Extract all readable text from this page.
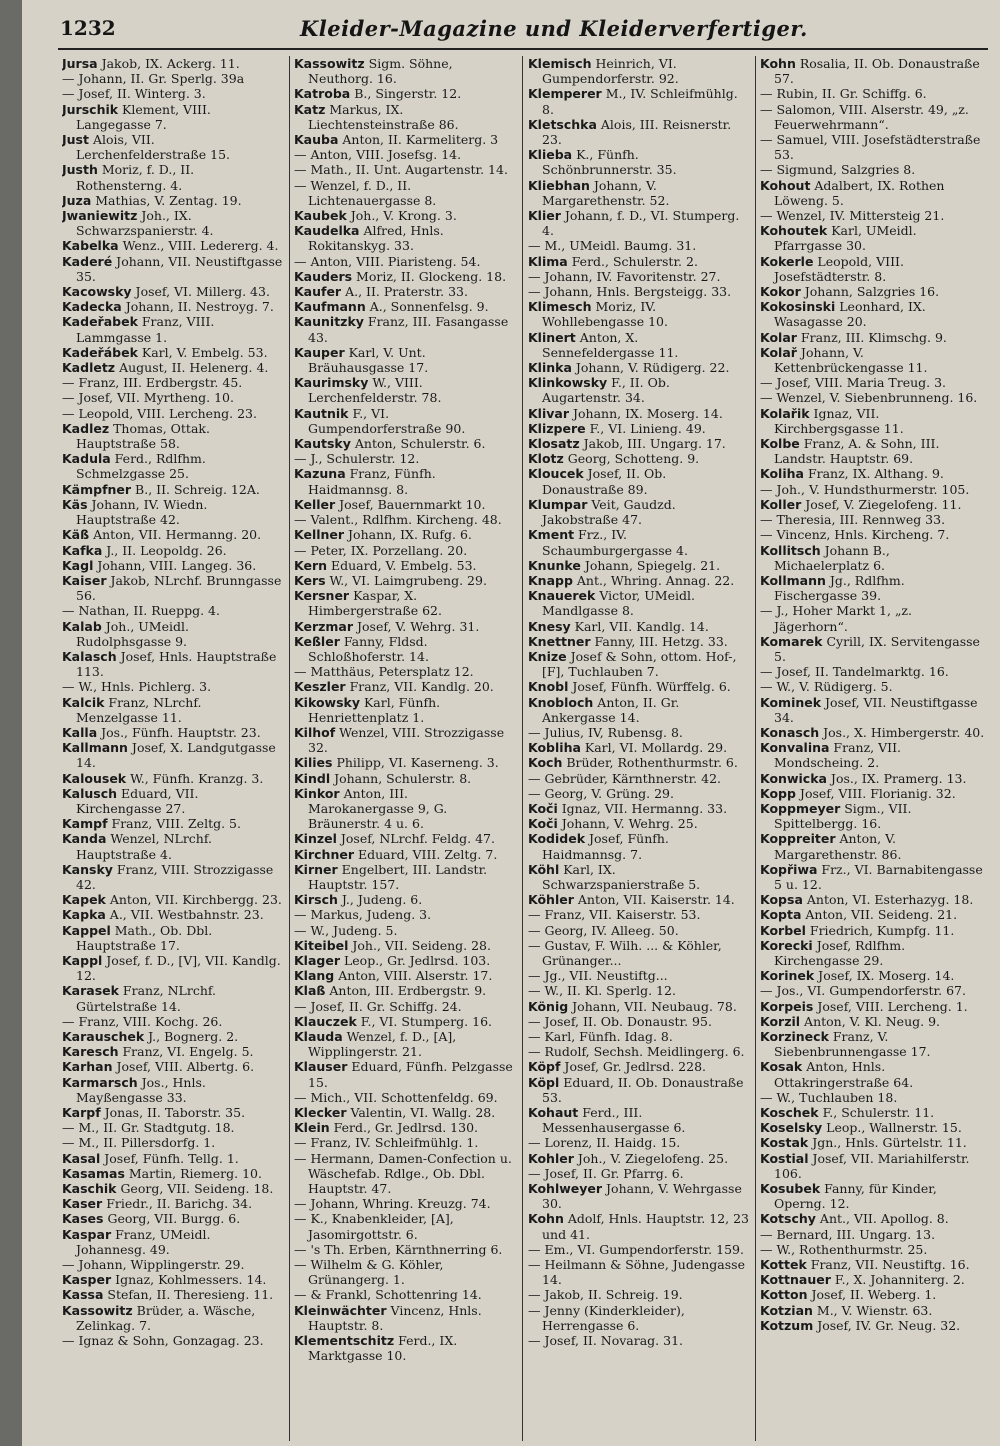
1232	Kleider-Magazine und Kleiderverfertiger.

Jursa Jakob, IX. Ackerg. 11.

— Johann, II. Gr. Sperlg. 39a

— Josef, II. Winterg. 3.

Jurschik Klement, VIII. Langegasse 7.

Just Alois, VII. Lerchenfelderstraße 15.

Justh Moriz, f. D., II. Rothensterng. 4.

Juza Mathias, V. Zentag. 19.

Jwaniewitz Joh., IX. Schwarzspanierstr. 4.

Kabelka Wenz., VIII. Ledererg. 4.

Kaderé Johann, VII. Neustiftgasse 35.

Kacowsky Josef, VI. Millerg. 43.

Kadecka Johann, II. Nestroyg. 7.

Kadeřabek Franz, VIII. Lammgasse 1.

Kadeřábek Karl, V. Embelg. 53.

Kadletz August, II. Helenerg. 4.

— Franz, III. Erdbergstr. 45.

— Josef, VII. Myrtheng. 10.

— Leopold, VIII. Lercheng. 23.

Kadlez Thomas, Ottak. Hauptstraße 58.

Kadula Ferd., Rdlfhm. Schmelzgasse 25.

Kämpfner B., II. Schreig. 12A.

Käs Johann, IV. Wiedn. Hauptstraße 42.

Käß Anton, VII. Hermanng. 20.

Kafka J., II. Leopoldg. 26.

Kagl Johann, VIII. Langeg. 36.

Kaiser Jakob, NLrchf. Brunngasse 56.

— Nathan, II. Rueppg. 4.

Kalab Joh., UMeidl. Rudolphsgasse 9.

Kalasch Josef, Hnls. Hauptstraße 113.

— W., Hnls. Pichlerg. 3.

Kalcik Franz, NLrchf. Menzelgasse 11.

Kalla Jos., Fünfh. Hauptstr. 23.

Kallmann Josef, X. Landgutgasse 14.

Kalousek W., Fünfh. Kranzg. 3.

Kalusch Eduard, VII. Kirchengasse 27.

Kampf Franz, VIII. Zeltg. 5.

Kanda Wenzel, NLrchf. Hauptstraße 4.

Kansky Franz, VIII. Strozzigasse 42.

Kapek Anton, VII. Kirchbergg. 23.

Kapka A., VII. Westbahnstr. 23.

Kappel Math., Ob. Dbl. Hauptstraße 17.

Kappl Josef, f. D., [V], VII. Kandlg. 12.

Karasek Franz, NLrchf. Gürtelstraße 14.

— Franz, VIII. Kochg. 26.

Karauschek J., Bognerg. 2.

Karesch Franz, VI. Engelg. 5.

Karhan Josef, VIII. Albertg. 6.

Karmarsch Jos., Hnls. Mayßengasse 33.

Karpf Jonas, II. Taborstr. 35.

— M., II. Gr. Stadtgutg. 18.

— M., II. Pillersdorfg. 1.

Kasal Josef, Fünfh. Tellg. 1.

Kasamas Martin, Riemerg. 10.

Kaschik Georg, VII. Seideng. 18.

Kaser Friedr., II. Barichg. 34.

Kases Georg, VII. Burgg. 6.

Kaspar Franz, UMeidl. Johannesg. 49.

— Johann, Wipplingerstr. 29.

Kasper Ignaz, Kohlmessers. 14.

Kassa Stefan, II. Theresieng. 11.

Kassowitz Brüder, a. Wäsche, Zelinkag. 7.

— Ignaz & Sohn, Gonzagag. 23.

Kassowitz Sigm. Söhne, Neuthorg. 16.

Katroba B., Singerstr. 12.

Katz Markus, IX. Liechtensteinstraße 86.

Kauba Anton, II. Karmeliterg. 3

— Anton, VIII. Josefsg. 14.

— Math., II. Unt. Augartenstr. 14.

— Wenzel, f. D., II. Lichtenauergasse 8.

Kaubek Joh., V. Krong. 3.

Kaudelka Alfred, Hnls. Rokitanskyg. 33.

— Anton, VIII. Piaristeng. 54.

Kauders Moriz, II. Glockeng. 18.

Kaufer A., II. Praterstr. 33.

Kaufmann A., Sonnenfelsg. 9.

Kaunitzky Franz, III. Fasangasse 43.

Kauper Karl, V. Unt. Bräuhausgasse 17.

Kaurimsky W., VIII. Lerchenfelderstr. 78.

Kautnik F., VI. Gumpendorferstraße 90.

Kautsky Anton, Schulerstr. 6.

— J., Schulerstr. 12.

Kazuna Franz, Fünfh. Haidmannsg. 8.

Keller Josef, Bauernmarkt 10.

— Valent., Rdlfhm. Kircheng. 48.

Kellner Johann, IX. Rufg. 6.

— Peter, IX. Porzellang. 20.

Kern Eduard, V. Embelg. 53.

Kers W., VI. Laimgrubeng. 29.

Kersner Kaspar, X. Himbergerstraße 62.

Kerzmar Josef, V. Wehrg. 31.

Keßler Fanny, Fldsd. Schloßhoferstr. 14.

— Matthäus, Petersplatz 12.

Keszler Franz, VII. Kandlg. 20.

Kikowsky Karl, Fünfh. Henriettenplatz 1.

Kilhof Wenzel, VIII. Strozzigasse 32.

Kilies Philipp, VI. Kaserneng. 3.

Kindl Johann, Schulerstr. 8.

Kinkor Anton, III. Marokanergasse 9, G. Bräunerstr. 4 u. 6.

Kinzel Josef, NLrchf. Feldg. 47.

Kirchner Eduard, VIII. Zeltg. 7.

Kirner Engelbert, III. Landstr. Hauptstr. 157.

Kirsch J., Judeng. 6.

— Markus, Judeng. 3.

— W., Judeng. 5.

Kiteibel Joh., VII. Seideng. 28.

Klager Leop., Gr. Jedlrsd. 103.

Klang Anton, VIII. Alserstr. 17.

Klaß Anton, III. Erdbergstr. 9.

— Josef, II. Gr. Schiffg. 24.

Klauczek F., VI. Stumperg. 16.

Klauda Wenzel, f. D., [A], Wipplingerstr. 21.

Klauser Eduard, Fünfh. Pelzgasse 15.

— Mich., VII. Schottenfeldg. 69.

Klecker Valentin, VI. Wallg. 28.

Klein Ferd., Gr. Jedlrsd. 130.

— Franz, IV. Schleifmühlg. 1.

— Hermann, Damen-Confection u. Wäschefab. Rdlge., Ob. Dbl. Hauptstr. 47.

— Johann, Whring. Kreuzg. 74.

— K., Knabenkleider, [A], Jasomirgottstr. 6.

— 's Th. Erben, Kärnthnerring 6.

— Wilhelm & G. Köhler, Grünangerg. 1.

— & Frankl, Schottenring 14.

Kleinwächter Vincenz, Hnls. Hauptstr. 8.

Klementschitz Ferd., IX. Marktgasse 10.

Klemisch Heinrich, VI. Gumpendorferstr. 92.

Klemperer M., IV. Schleifmühlg. 8.

Kletschka Alois, III. Reisnerstr. 23.

Klieba K., Fünfh. Schönbrunnerstr. 35.

Kliebhan Johann, V. Margarethenstr. 52.

Klier Johann, f. D., VI. Stumperg. 4.

— M., UMeidl. Baumg. 31.

Klima Ferd., Schulerstr. 2.

— Johann, IV. Favoritenstr. 27.

— Johann, Hnls. Bergsteigg. 33.

Klimesch Moriz, IV. Wohllebengasse 10.

Klinert Anton, X. Sennefeldergasse 11.

Klinka Johann, V. Rüdigerg. 22.

Klinkowsky F., II. Ob. Augartenstr. 34.

Klivar Johann, IX. Moserg. 14.

Klizpere F., VI. Linieng. 49.

Klosatz Jakob, III. Ungarg. 17.

Klotz Georg, Schotteng. 9.

Kloucek Josef, II. Ob. Donaustraße 89.

Klumpar Veit, Gaudzd. Jakobstraße 47.

Kment Frz., IV. Schaumburgergasse 4.

Knunke Johann, Spiegelg. 21.

Knapp Ant., Whring. Annag. 22.

Knauerek Victor, UMeidl. Mandlgasse 8.

Knesy Karl, VII. Kandlg. 14.

Knettner Fanny, III. Hetzg. 33.

Knize Josef & Sohn, ottom. Hof-, [F], Tuchlauben 7.

Knobl Josef, Fünfh. Würffelg. 6.

Knobloch Anton, II. Gr. Ankergasse 14.

— Julius, IV, Rubensg. 8.

Kobliha Karl, VI. Mollardg. 29.

Koch Brüder, Rothenthurmstr. 6.

— Gebrüder, Kärnthnerstr. 42.

— Georg, V. Grüng. 29.

Koči Ignaz, VII. Hermanng. 33.

Koči Johann, V. Wehrg. 25.

Kodidek Josef, Fünfh. Haidmannsg. 7.

Köhl Karl, IX. Schwarzspanierstraße 5.

Köhler Anton, VII. Kaiserstr. 14.

— Franz, VII. Kaiserstr. 53.

— Georg, IV. Alleeg. 50.

— Gustav, F. Wilh. ... & Köhler, Grünanger...

— Jg., VII. Neustiftg...

— W., II. Kl. Sperlg. 12.

König Johann, VII. Neubaug. 78.

— Josef, II. Ob. Donaustr. 95.

— Karl, Fünfh. Idag. 8.

— Rudolf, Sechsh. Meidlingerg. 6.

Köpf Josef, Gr. Jedlrsd. 228.

Köpl Eduard, II. Ob. Donaustraße 53.

Kohaut Ferd., III. Messenhausergasse 6.

— Lorenz, II. Haidg. 15.

Kohler Joh., V. Ziegelofeng. 25.

— Josef, II. Gr. Pfarrg. 6.

Kohlweyer Johann, V. Wehrgasse 30.

Kohn Adolf, Hnls. Hauptstr. 12, 23 und 41.

— Em., VI. Gumpendorferstr. 159.

— Heilmann & Söhne, Judengasse 14.

— Jakob, II. Schreig. 19.

— Jenny (Kinderkleider), Herrengasse 6.

— Josef, II. Novarag. 31.

Kohn Rosalia, II. Ob. Donaustraße 57.

— Rubin, II. Gr. Schiffg. 6.

— Salomon, VIII. Alserstr. 49, „z. Feuerwehrmann“.

— Samuel, VIII. Josefstädterstraße 53.

— Sigmund, Salzgries 8.

Kohout Adalbert, IX. Rothen Löweng. 5.

— Wenzel, IV. Mittersteig 21.

Kohoutek Karl, UMeidl. Pfarrgasse 30.

Kokerle Leopold, VIII. Josefstädterstr. 8.

Kokor Johann, Salzgries 16.

Kokosinski Leonhard, IX. Wasagasse 20.

Kolar Franz, III. Klimschg. 9.

Kolař Johann, V. Kettenbrückengasse 11.

— Josef, VIII. Maria Treug. 3.

— Wenzel, V. Siebenbrunneng. 16.

Kolařik Ignaz, VII. Kirchbergsgasse 11.

Kolbe Franz, A. & Sohn, III. Landstr. Hauptstr. 69.

Koliha Franz, IX. Althang. 9.

— Joh., V. Hundsthurmerstr. 105.

Koller Josef, V. Ziegelofeng. 11.

— Theresia, III. Rennweg 33.

— Vincenz, Hnls. Kircheng. 7.

Kollitsch Johann B., Michaelerplatz 6.

Kollmann Jg., Rdlfhm. Fischergasse 39.

— J., Hoher Markt 1, „z. Jägerhorn“.

Komarek Cyrill, IX. Servitengasse 5.

— Josef, II. Tandelmarktg. 16.

— W., V. Rüdigerg. 5.

Kominek Josef, VII. Neustiftgasse 34.

Konasch Jos., X. Himbergerstr. 40.

Konvalina Franz, VII. Mondscheing. 2.

Konwicka Jos., IX. Pramerg. 13.

Kopp Josef, VIII. Florianig. 32.

Koppmeyer Sigm., VII. Spittelbergg. 16.

Koppreiter Anton, V. Margarethenstr. 86.

Kopřiwa Frz., VI. Barnabitengasse 5 u. 12.

Kopsa Anton, VI. Esterhazyg. 18.

Kopta Anton, VII. Seideng. 21.

Korbel Friedrich, Kumpfg. 11.

Korecki Josef, Rdlfhm. Kirchengasse 29.

Korinek Josef, IX. Moserg. 14.

— Jos., VI. Gumpendorferstr. 67.

Korpeis Josef, VIII. Lercheng. 1.

Korzil Anton, V. Kl. Neug. 9.

Korzineck Franz, V. Siebenbrunnengasse 17.

Kosak Anton, Hnls. Ottakringerstraße 64.

— W., Tuchlauben 18.

Koschek F., Schulerstr. 11.

Koselsky Leop., Wallnerstr. 15.

Kostak Jgn., Hnls. Gürtelstr. 11.

Kostial Josef, VII. Mariahilferstr. 106.

Kosubek Fanny, für Kinder, Operng. 12.

Kotschy Ant., VII. Apollog. 8.

— Bernard, III. Ungarg. 13.

— W., Rothenthurmstr. 25.

Kottek Franz, VII. Neustiftg. 16.

Kottnauer F., X. Johanniterg. 2.

Kotton Josef, II. Weberg. 1.

Kotzian M., V. Wienstr. 63.

Kotzum Josef, IV. Gr. Neug. 32.
